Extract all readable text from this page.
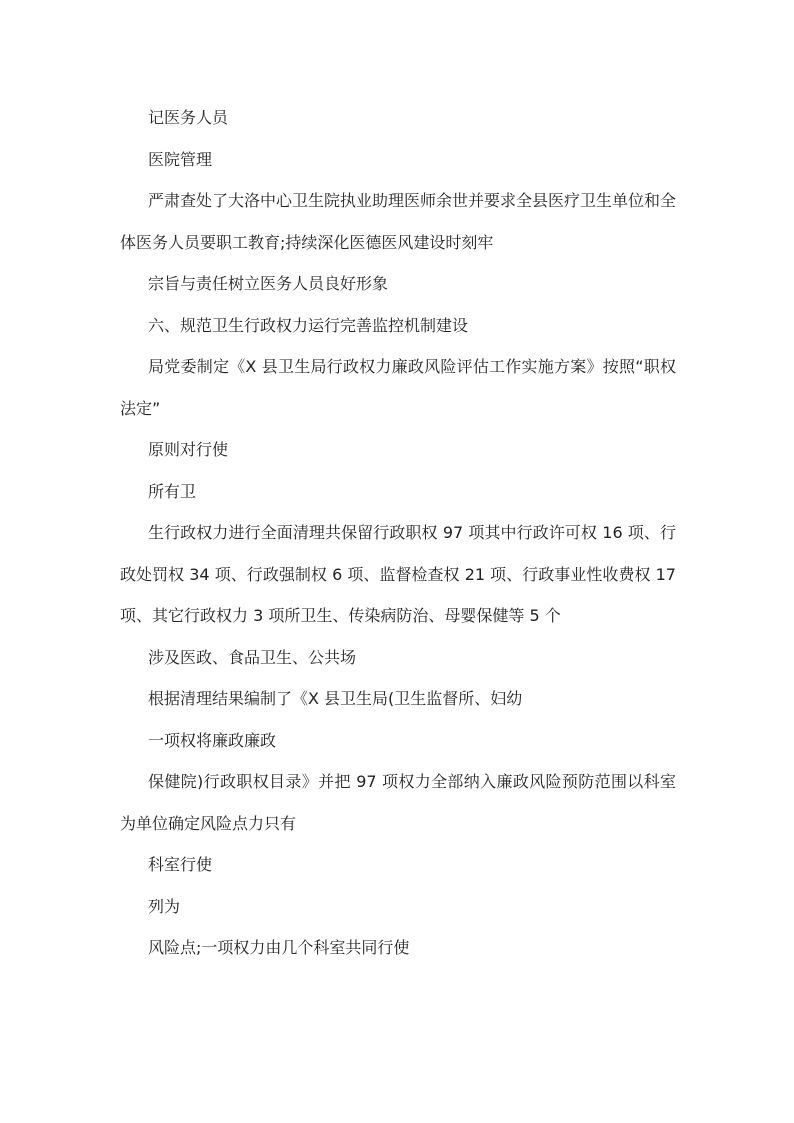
记医务人员

医院管理

严肃查处了大洛中心卫生院执业助理医师余世并要求全县医疗卫生单位和全体医务人员要职工教育;持续深化医德医风建设时刻牢

宗旨与责任树立医务人员良好形象

六、规范卫生行政权力运行完善监控机制建设

局党委制定《X 县卫生局行政权力廉政风险评估工作实施方案》按照“职权法定”

原则对行使

所有卫

生行政权力进行全面清理共保留行政职权 97 项其中行政许可权 16 项、行政处罚权 34 项、行政强制权 6 项、监督检查权 21 项、行政事业性收费权 17 项、其它行政权力 3 项所卫生、传染病防治、母婴保健等 5 个

涉及医政、食品卫生、公共场

根据清理结果编制了《X 县卫生局(卫生监督所、妇幼

一项权将廉政廉政

保健院)行政职权目录》并把 97 项权力全部纳入廉政风险预防范围以科室为单位确定风险点力只有

科室行使

列为

风险点;一项权力由几个科室共同行使
